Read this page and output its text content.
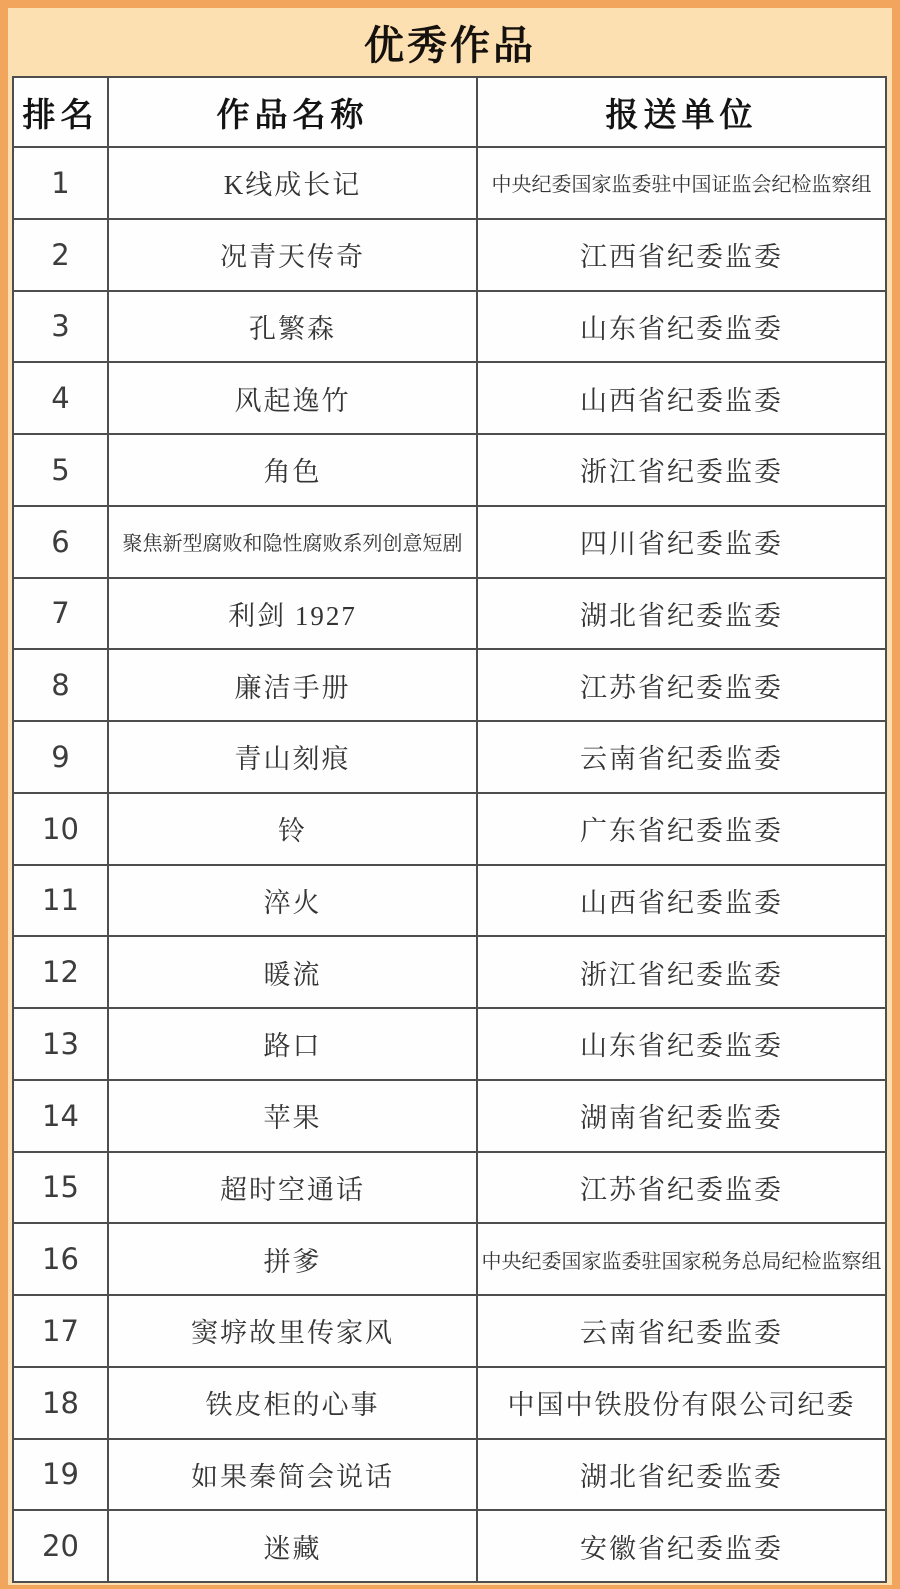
优秀作品
排名	作品名称	报送单位
1	K线成长记	中央纪委国家监委驻中国证监会纪检监察组
2	况青天传奇	江西省纪委监委
3	孔繁森	山东省纪委监委
4	风起逸竹	山西省纪委监委
5	角色	浙江省纪委监委
6	聚焦新型腐败和隐性腐败系列创意短剧	四川省纪委监委
7	利剑 1927	湖北省纪委监委
8	廉洁手册	江苏省纪委监委
9	青山刻痕	云南省纪委监委
10	铃	广东省纪委监委
11	淬火	山西省纪委监委
12	暖流	浙江省纪委监委
13	路口	山东省纪委监委
14	苹果	湖南省纪委监委
15	超时空通话	江苏省纪委监委
16	拼爹	中央纪委国家监委驻国家税务总局纪检监察组
17	窦垿故里传家风	云南省纪委监委
18	铁皮柜的心事	中国中铁股份有限公司纪委
19	如果秦简会说话	湖北省纪委监委
20	迷藏	安徽省纪委监委
